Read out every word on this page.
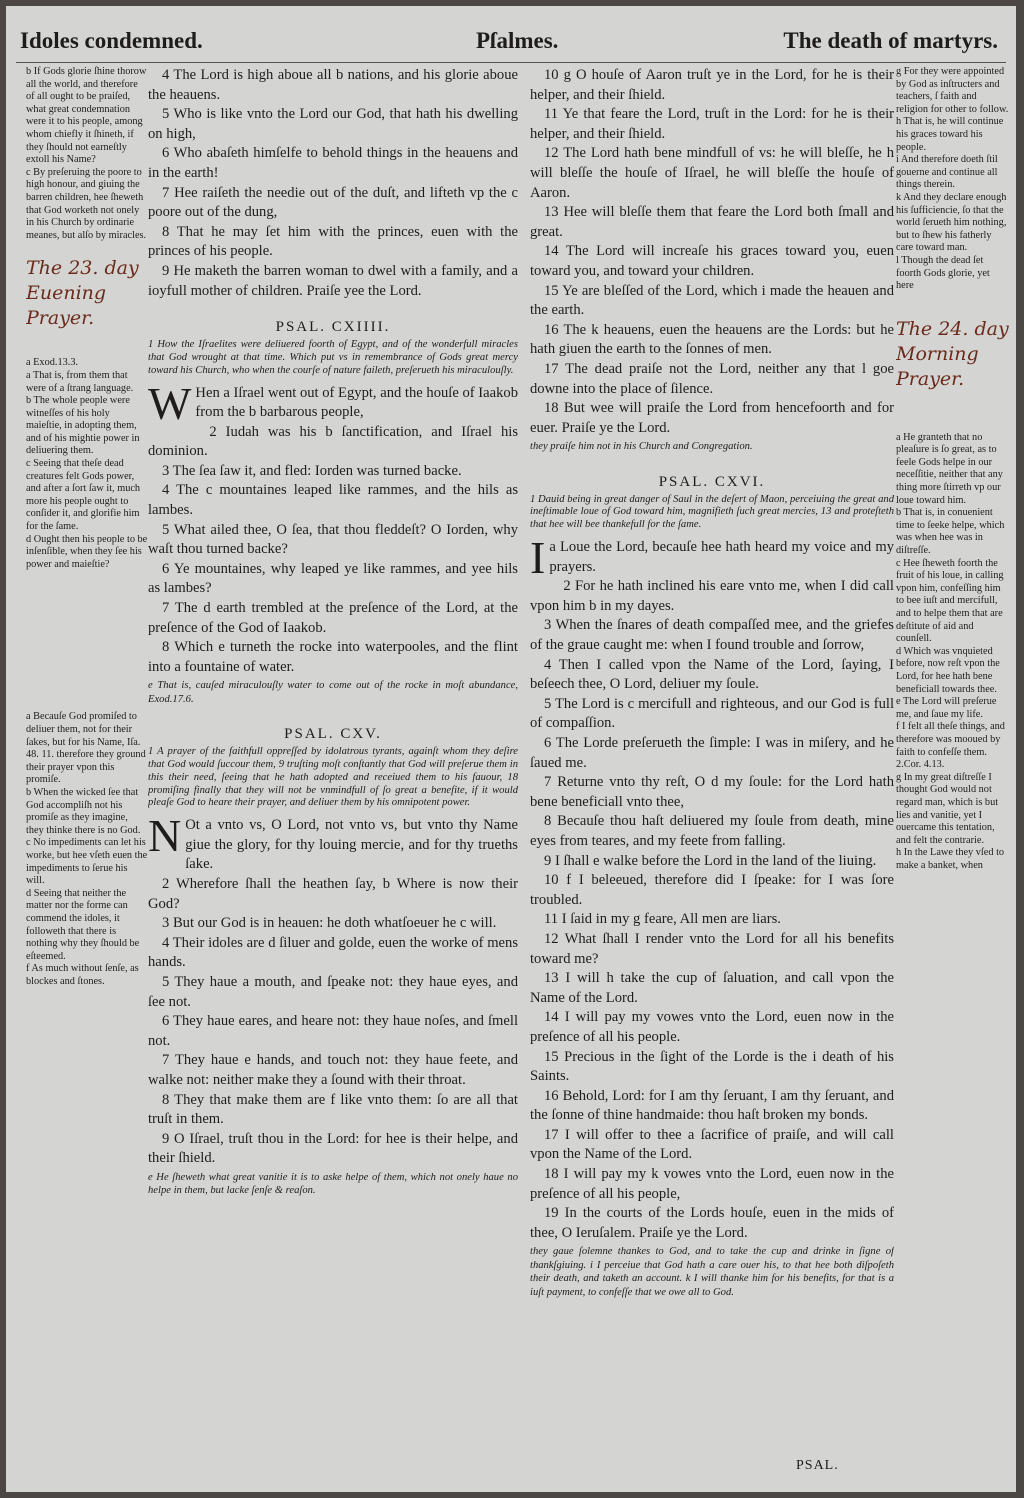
Idoles condemned.	Pſalmes.	The death of martyrs.

b If Gods glorie ſhine thorow all the world, and therefore of all ought to be praiſed, what great condemnation were it to his people, among whom chiefly it ſhineth, if they ſhould not earneſtly extoll his Name?

c By preſeruing the poore to high honour, and giuing the barren children, hee ſheweth that God worketh not onely in his Church by ordinarie meanes, but alſo by miracles.

The 23. day
Euening
Prayer.

a Exod.13.3.

a That is, from them that were of a ſtrang language.

b The whole people were witneſſes of his holy maieſtie, in adopting them, and of his mightie power in deliuering them.

c Seeing that theſe dead creatures felt Gods power, and after a ſort ſaw it, much more his people ought to conſider it, and glorifie him for the ſame.

d Ought then his people to be inſenſible, when they ſee his power and maieſtie?

a Becauſe God promiſed to deliuer them, not for their ſakes, but for his Name, Iſa. 48. 11. therefore they ground their prayer vpon this promiſe.

b When the wicked ſee that God accompliſh not his promiſe as they imagine, they thinke there is no God.

c No impediments can let his worke, but hee vſeth euen the impediments to ſerue his will.

d Seeing that neither the matter nor the forme can commend the idoles, it followeth that there is nothing why they ſhould be eſteemed.

f As much without ſenſe, as blockes and ſtones.

4 The Lord is high aboue all b nations, and his glorie aboue the heauens.
5 Who is like vnto the Lord our God, that hath his dwelling on high,
6 Who abaſeth himſelfe to behold things in the heauens and in the earth!
7 Hee raiſeth the needie out of the duſt, and lifteth vp the c poore out of the dung,
8 That he may ſet him with the princes, euen with the princes of his people.
9 He maketh the barren woman to dwel with a family, and a ioyfull mother of children. Praiſe yee the Lord.
PSAL. CXIIII.
1 How the Iſraelites were deliuered foorth of Egypt, and of the wonderfull miracles that God wrought at that time. Which put vs in remembrance of Gods great mercy toward his Church, who when the courſe of nature faileth, preſerueth his miraculouſly.
W Hen a Iſrael went out of Egypt, and the houſe of Iaakob from the b barbarous people,
2 Iudah was his b ſanctification, and Iſrael his dominion.
3 The ſea ſaw it, and fled: Iorden was turned backe.
4 The c mountaines leaped like rammes, and the hils as lambes.
5 What ailed thee, O ſea, that thou fleddeſt? O Iorden, why waſt thou turned backe?
6 Ye mountaines, why leaped ye like rammes, and yee hils as lambes?
7 The d earth trembled at the preſence of the Lord, at the preſence of the God of Iaakob.
8 Which e turneth the rocke into waterpooles, and the flint into a fountaine of water.
e That is, cauſed miraculouſly water to come out of the rocke in moſt abundance, Exod.17.6.
PSAL. CXV.
1 A prayer of the faithfull oppreſſed by idolatrous tyrants, againſt whom they deſire that God would ſuccour them, 9 truſting moſt conſtantly that God will preſerue them in this their need, ſeeing that he hath adopted and receiued them to his fauour, 18 promiſing finally that they will not be vnmindfull of ſo great a benefite, if it would pleaſe God to heare their prayer, and deliuer them by his omnipotent power.
N Ot a vnto vs, O Lord, not vnto vs, but vnto thy Name giue the glory, for thy louing mercie, and for thy trueths ſake.
2 Wherefore ſhall the heathen ſay, b Where is now their God?
3 But our God is in heauen: he doth whatſoeuer he c will.
4 Their idoles are d ſiluer and golde, euen the worke of mens hands.
5 They haue a mouth, and ſpeake not: they haue eyes, and ſee not.
6 They haue eares, and heare not: they haue noſes, and ſmell not.
7 They haue e hands, and touch not: they haue feete, and walke not: neither make they a ſound with their throat.
8 They that make them are f like vnto them: ſo are all that truſt in them.
9 O Iſrael, truſt thou in the Lord: for hee is their helpe, and their ſhield.
e He ſheweth what great vanitie it is to aske helpe of them, which not onely haue no helpe in them, but lacke ſenſe & reaſon.
10 g O houſe of Aaron truſt ye in the Lord, for he is their helper, and their ſhield.
11 Ye that feare the Lord, truſt in the Lord: for he is their helper, and their ſhield.
12 The Lord hath bene mindfull of vs: he will bleſſe, he h will bleſſe the houſe of Iſrael, he will bleſſe the houſe of Aaron.
13 Hee will bleſſe them that feare the Lord both ſmall and great.
14 The Lord will increaſe his graces toward you, euen toward you, and toward your children.
15 Ye are bleſſed of the Lord, which i made the heauen and the earth.
16 The k heauens, euen the heauens are the Lords: but he hath giuen the earth to the ſonnes of men.
17 The dead praiſe not the Lord, neither any that l goe downe into the place of ſilence.
18 But wee will praiſe the Lord from hencefoorth and for euer. Praiſe ye the Lord.
they praiſe him not in his Church and Congregation.
PSAL. CXVI.
1 Dauid being in great danger of Saul in the deſert of Maon, perceiuing the great and ineſtimable loue of God toward him, magnifieth ſuch great mercies, 13 and proteſteth that hee will bee thankefull for the ſame.
Ia Loue the Lord, becauſe hee hath heard my voice and my prayers.
2 For he hath inclined his eare vnto me, when I did call vpon him b in my dayes.
3 When the ſnares of death compaſſed mee, and the griefes of the graue caught me: when I found trouble and ſorrow,
4 Then I called vpon the Name of the Lord, ſaying, I beſeech thee, O Lord, deliuer my ſoule.
5 The Lord is c mercifull and righteous, and our God is full of compaſſion.
6 The Lorde preſerueth the ſimple: I was in miſery, and he ſaued me.
7 Returne vnto thy reſt, O d my ſoule: for the Lord hath bene beneficiall vnto thee,
8 Becauſe thou haſt deliuered my ſoule from death, mine eyes from teares, and my feete from falling.
9 I ſhall e walke before the Lord in the land of the liuing.
10 f I beleeued, therefore did I ſpeake: for I was ſore troubled.
11 I ſaid in my g feare, All men are liars.
12 What ſhall I render vnto the Lord for all his benefits toward me?
13 I will h take the cup of ſaluation, and call vpon the Name of the Lord.
14 I will pay my vowes vnto the Lord, euen now in the preſence of all his people.
15 Precious in the ſight of the Lorde is the i death of his Saints.
16 Behold, Lord: for I am thy ſeruant, I am thy ſeruant, and the ſonne of thine handmaide: thou haſt broken my bonds.
17 I will offer to thee a ſacrifice of praiſe, and will call vpon the Name of the Lord.
18 I will pay my k vowes vnto the Lord, euen now in the preſence of all his people,
19 In the courts of the Lords houſe, euen in the mids of thee, O Ieruſalem. Praiſe ye the Lord.
they gaue ſolemne thankes to God, and to take the cup and drinke in ſigne of thankſgiuing. i I perceiue that God hath a care ouer his, to that hee both diſpoſeth their death, and taketh an account. k I will thanke him for his benefits, for that is a iuſt payment, to confeſſe that we owe all to God.

g For they were appointed by God as inſtructers and teachers, ſ faith and religion for other to follow.

h That is, he will continue his graces toward his people.

i And therefore doeth ſtil gouerne and continue all things therein.

k And they declare enough his ſufficiencie, ſo that the world ſerueth him nothing, but to ſhew his fatherly care toward man.

l Though the dead ſet foorth Gods glorie, yet here

The 24. day
Morning
Prayer.

a He granteth that no pleaſure is ſo great, as to feele Gods helpe in our neceſſitie, neither that any thing more ſtirreth vp our loue toward him.

b That is, in conuenient time to ſeeke helpe, which was when hee was in diſtreſſe.

c Hee ſheweth foorth the fruit of his loue, in calling vpon him, confeſſing him to bee iuſt and mercifull, and to helpe them that are deſtitute of aid and counſell.

d Which was vnquieted before, now reſt vpon the Lord, for hee hath bene beneficiall towards thee.

e The Lord will preſerue me, and ſaue my life.

f I felt all theſe things, and therefore was mooued by faith to confeſſe them. 2.Cor. 4.13.

g In my great diſtreſſe I thought God would not regard man, which is but lies and vanitie, yet I ouercame this tentation, and felt the contrarie.

h In the Lawe they vſed to make a banket, when

PSAL.
